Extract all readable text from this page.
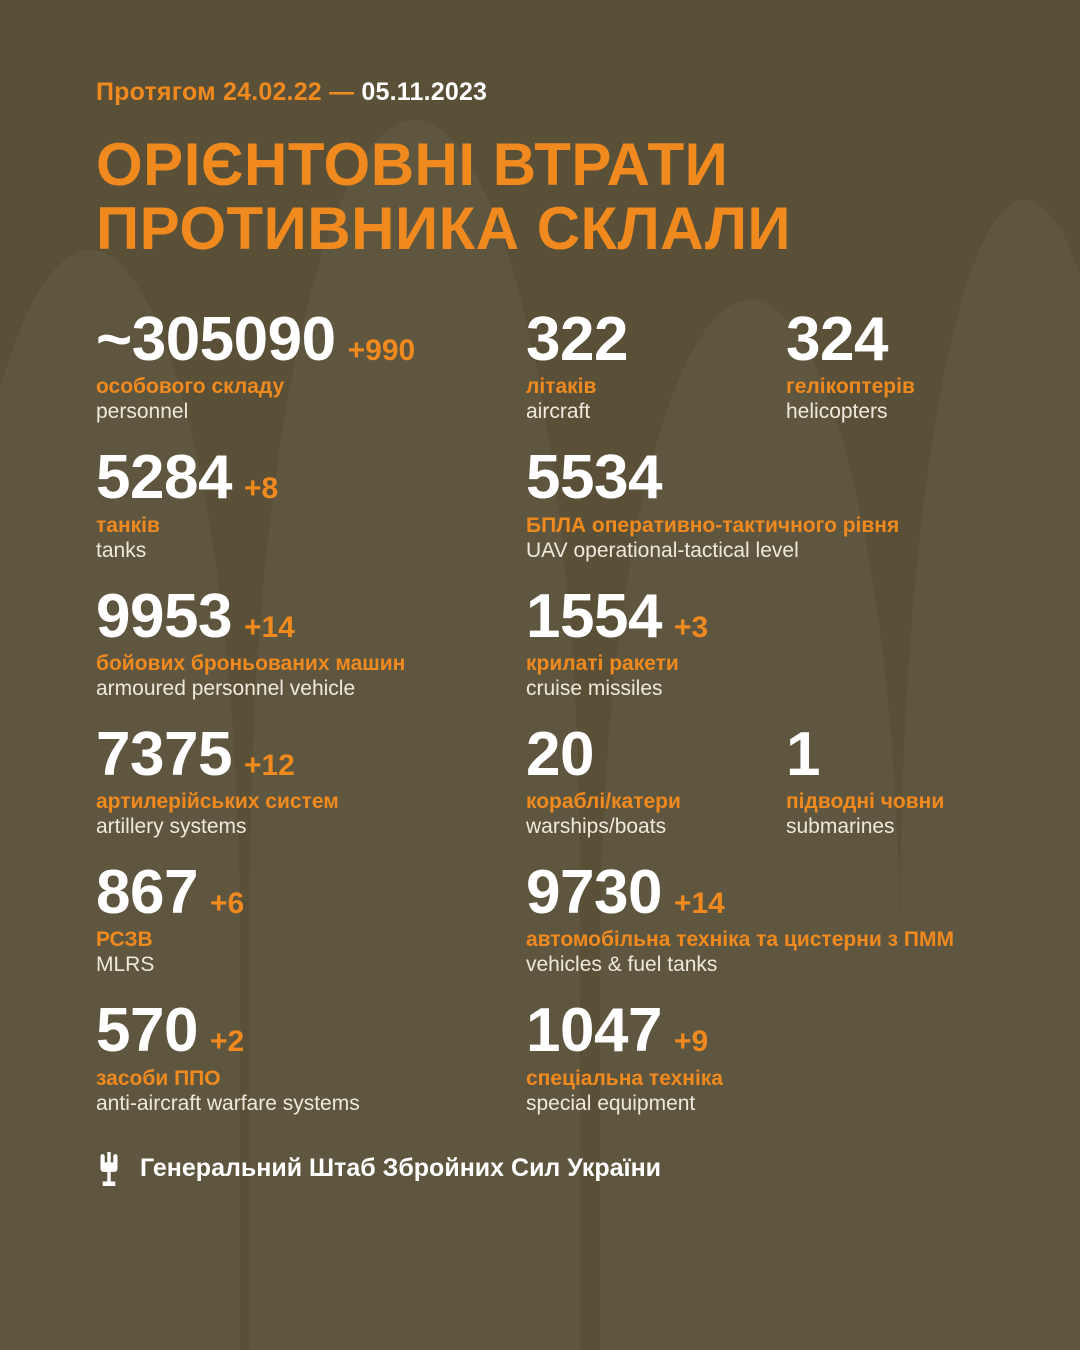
Протягом 24.02.22 — 05.11.2023
ОРІЄНТОВНІ ВТРАТИ
ПРОТИВНИКА СКЛАЛИ
~305090 +990
особового складу
personnel
322
літаків
aircraft
324
гелікоптерів
helicopters
5284 +8
танків
tanks
5534
БПЛА оперативно-тактичного рівня
UAV operational-tactical level
9953 +14
бойових броньованих машин
armoured personnel vehicle
1554 +3
крилаті ракети
cruise missiles
7375 +12
артилерійських систем
artillery systems
20
кораблі/катери
warships/boats
1
підводні човни
submarines
867 +6
РСЗВ
MLRS
9730 +14
автомобільна техніка та цистерни з ПММ
vehicles & fuel tanks
570 +2
засоби ППО
anti-aircraft warfare systems
1047 +9
спеціальна техніка
special equipment
Генеральний Штаб Збройних Сил України
